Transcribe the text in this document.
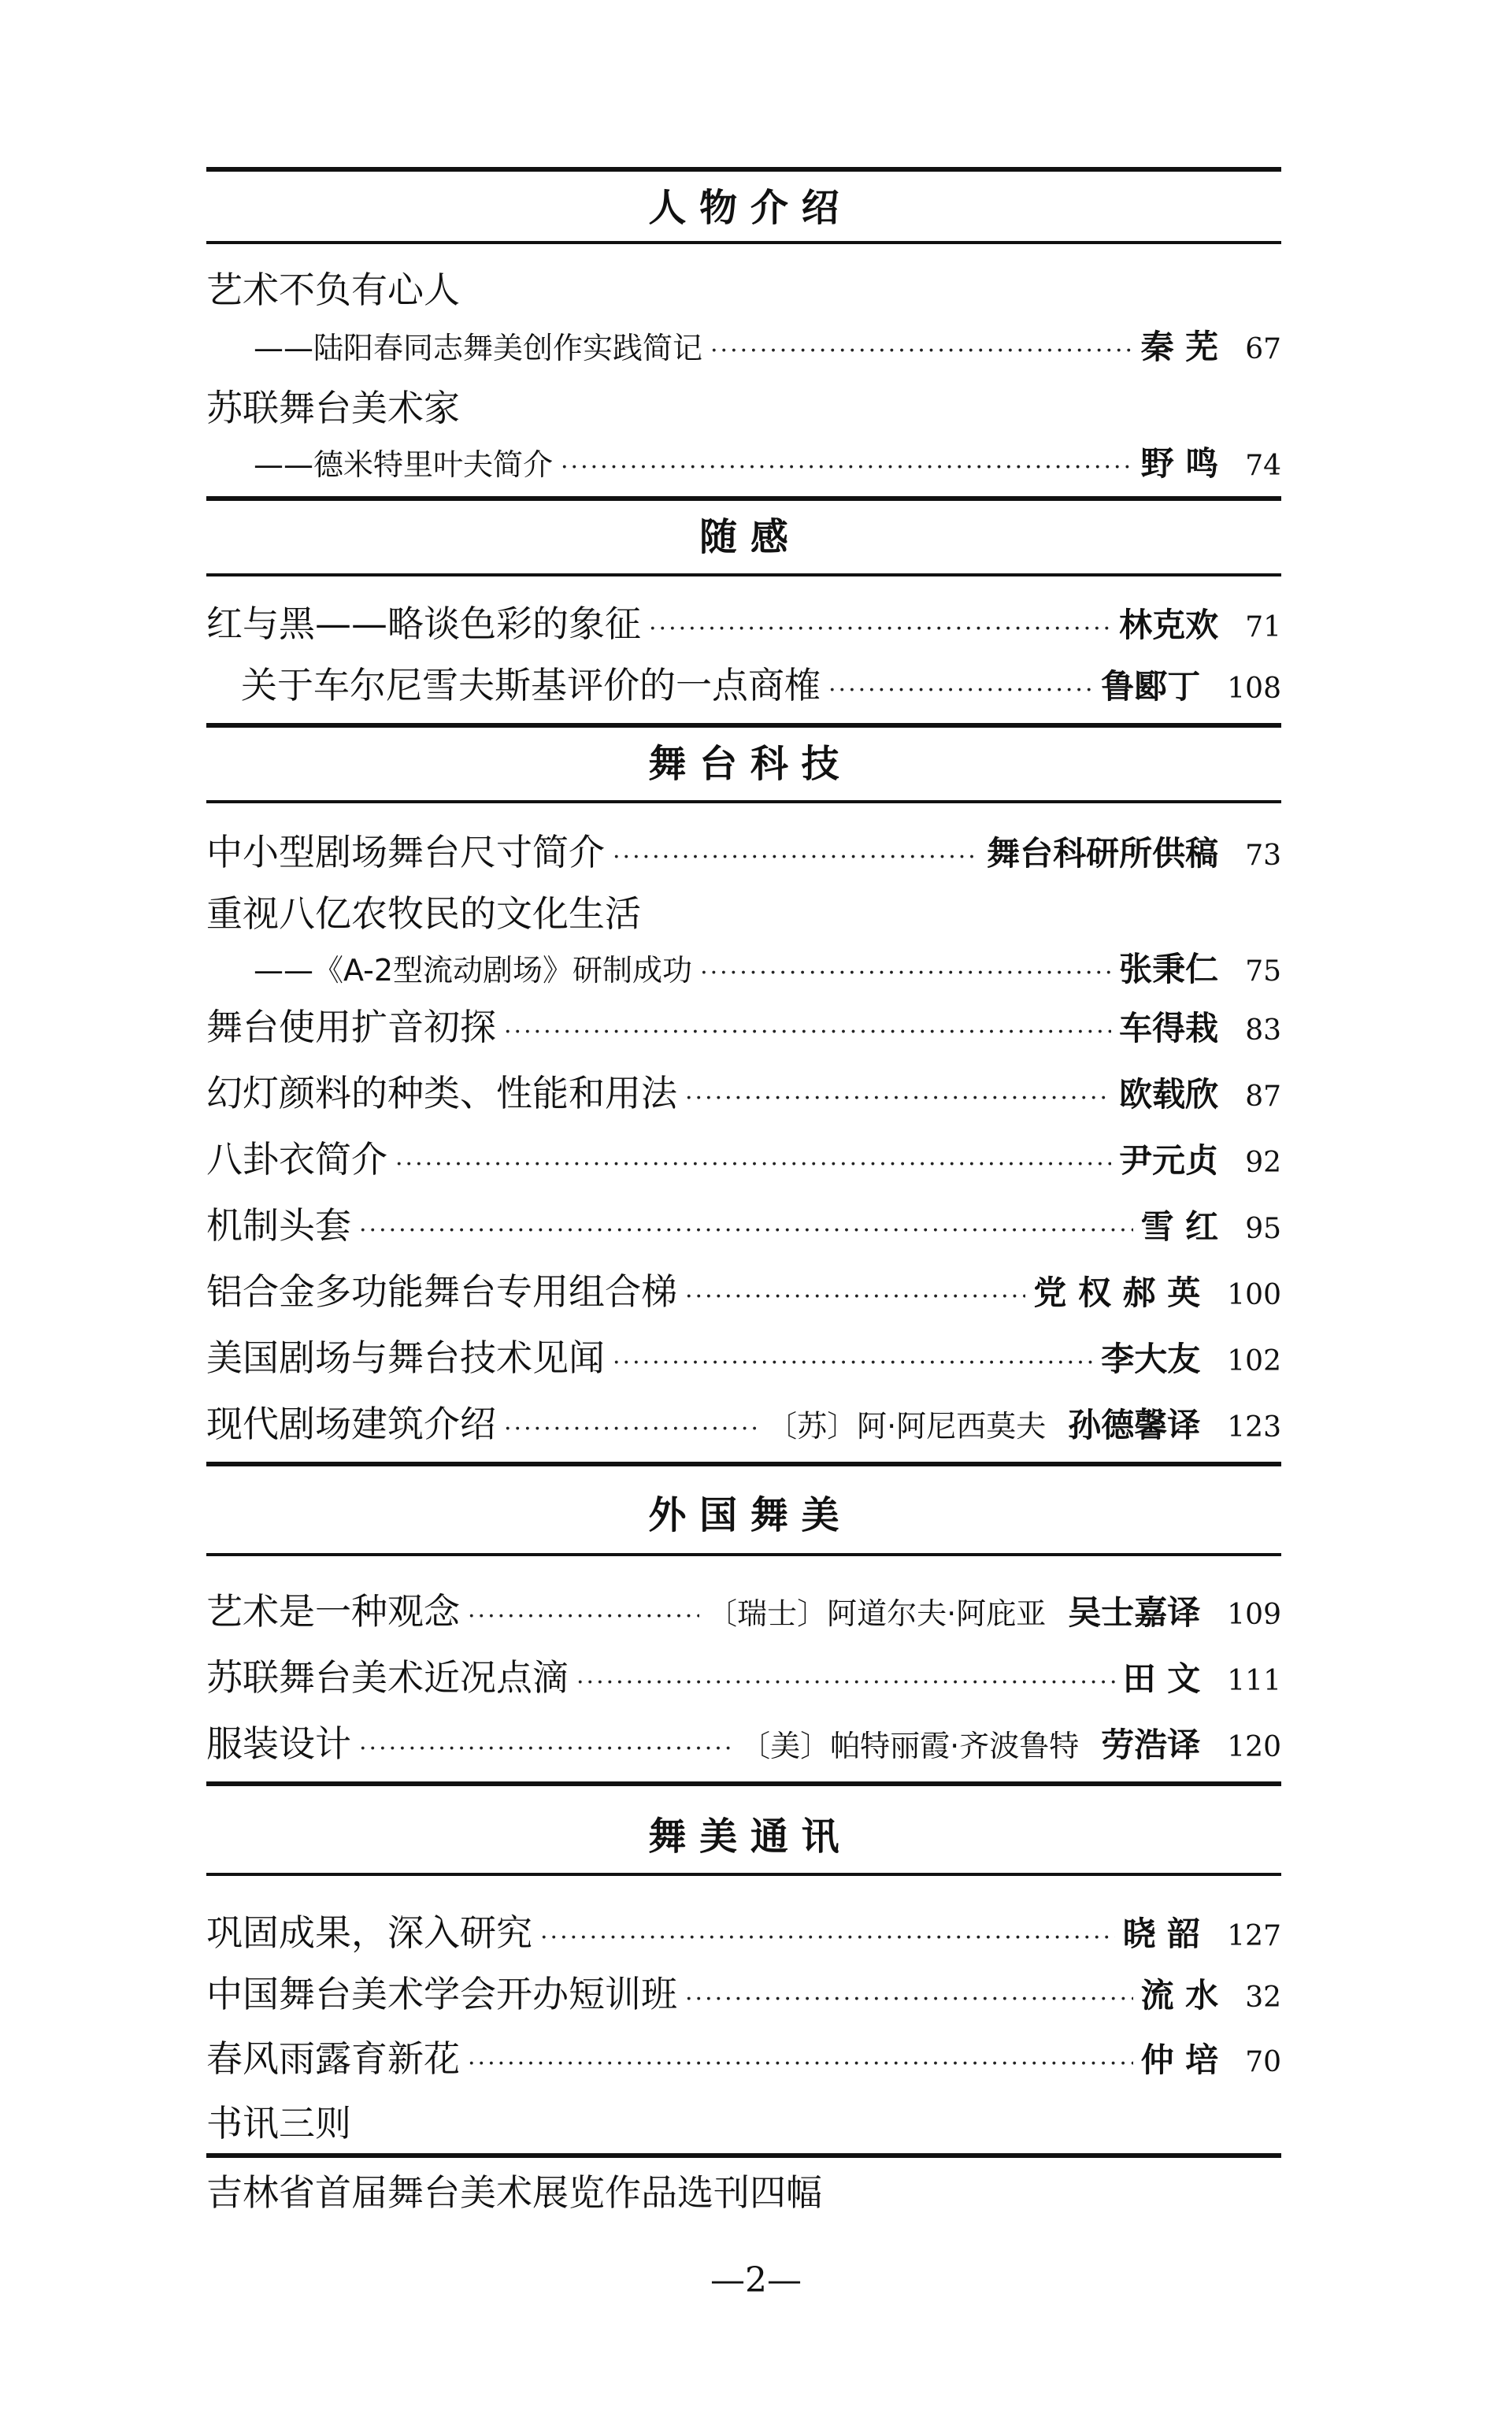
人 物 介 绍
艺术不负有心人
——陆阳春同志舞美创作实践简记 ·····	秦 芜 67
苏联舞台美术家
——德米特里叶夫简介 ·····	野 鸣 74
随 感
红与黑——略谈色彩的象征 ·····	林克欢 71
关于车尔尼雪夫斯基评价的一点商榷 ·····	鲁郾丁 108
舞 台 科 技
中小型剧场舞台尺寸简介 ·····	舞台科研所供稿 73
重视八亿农牧民的文化生活
——《A-2型流动剧场》研制成功 ·····	张秉仁 75
舞台使用扩音初探 ·····	车得栽 83
幻灯颜料的种类、性能和用法 ·····	欧载欣 87
八卦衣简介 ·····	尹元贞 92
机制头套 ·····	雪 红 95
铝合金多功能舞台专用组合梯 ·····	党 权 郝 英 100
美国剧场与舞台技术见闻 ·····	李大友 102
现代剧场建筑介绍 ·····	〔苏〕阿·阿尼西莫夫 孙德馨译 123
外 国 舞 美
艺术是一种观念 ·····	〔瑞士〕阿道尔夫·阿庇亚 吴士嘉译 109
苏联舞台美术近况点滴 ·····	田 文 111
服装设计 ·····	〔美〕帕特丽霞·齐波鲁特 劳浩译 120
舞 美 通 讯
巩固成果，深入研究 ·····	晓 韶 127
中国舞台美术学会开办短训班 ·····	流 水 32
春风雨露育新花 ·····	仲 培 70
书讯三则
吉林省首届舞台美术展览作品选刊四幅
—2—
